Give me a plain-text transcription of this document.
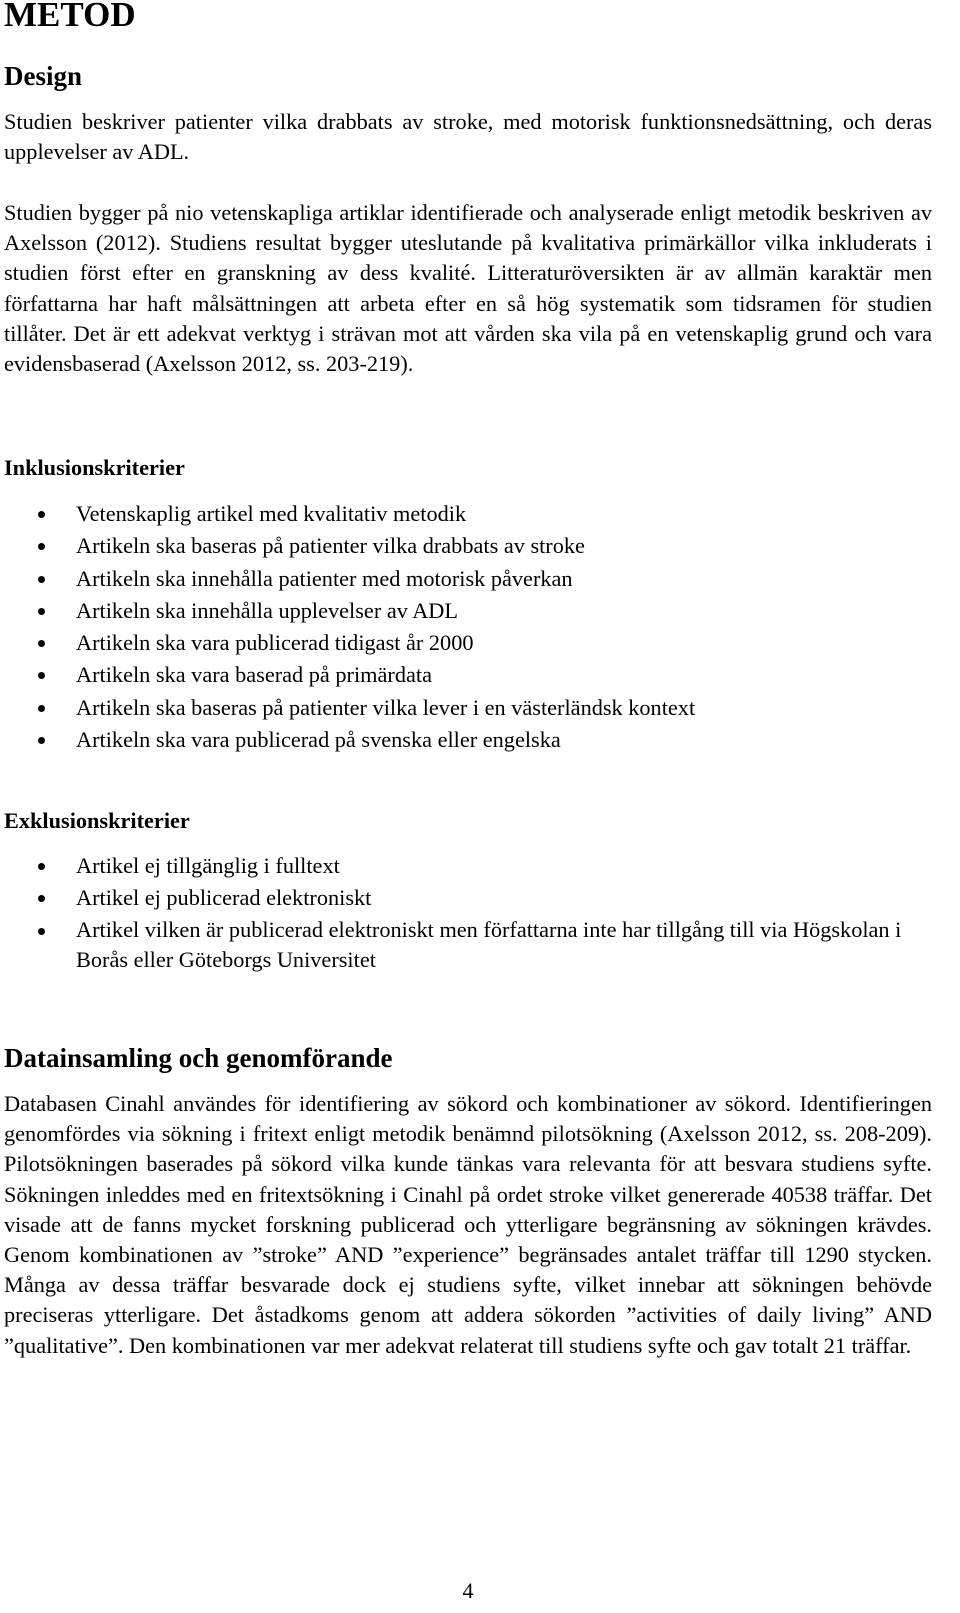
METOD
Design

Studien beskriver patienter vilka drabbats av stroke, med motorisk funktionsnedsättning, och deras upplevelser av ADL.

Studien bygger på nio vetenskapliga artiklar identifierade och analyserade enligt metodik beskriven av Axelsson (2012). Studiens resultat bygger uteslutande på kvalitativa primärkällor vilka inkluderats i studien först efter en granskning av dess kvalité. Litteraturöversikten är av allmän karaktär men författarna har haft målsättningen att arbeta efter en så hög systematik som tidsramen för studien tillåter. Det är ett adekvat verktyg i strävan mot att vården ska vila på en vetenskaplig grund och vara evidensbaserad (Axelsson 2012, ss. 203-219).

Inklusionskriterier
Vetenskaplig artikel med kvalitativ metodik
Artikeln ska baseras på patienter vilka drabbats av stroke
Artikeln ska innehålla patienter med motorisk påverkan
Artikeln ska innehålla upplevelser av ADL
Artikeln ska vara publicerad tidigast år 2000
Artikeln ska vara baserad på primärdata
Artikeln ska baseras på patienter vilka lever i en västerländsk kontext
Artikeln ska vara publicerad på svenska eller engelska
Exklusionskriterier
Artikel ej tillgänglig i fulltext
Artikel ej publicerad elektroniskt
Artikel vilken är publicerad elektroniskt men författarna inte har tillgång till via Högskolan i Borås eller Göteborgs Universitet
Datainsamling och genomförande

Databasen Cinahl användes för identifiering av sökord och kombinationer av sökord. Identifieringen genomfördes via sökning i fritext enligt metodik benämnd pilotsökning (Axelsson 2012, ss. 208-209). Pilotsökningen baserades på sökord vilka kunde tänkas vara relevanta för att besvara studiens syfte. Sökningen inleddes med en fritextsökning i Cinahl på ordet stroke vilket genererade 40538 träffar. Det visade att de fanns mycket forskning publicerad och ytterligare begränsning av sökningen krävdes. Genom kombinationen av ”stroke” AND ”experience” begränsades antalet träffar till 1290 stycken. Många av dessa träffar besvarade dock ej studiens syfte, vilket innebar att sökningen behövde preciseras ytterligare. Det åstadkoms genom att addera sökorden ”activities of daily living” AND ”qualitative”. Den kombinationen var mer adekvat relaterat till studiens syfte och gav totalt 21 träffar.

4
